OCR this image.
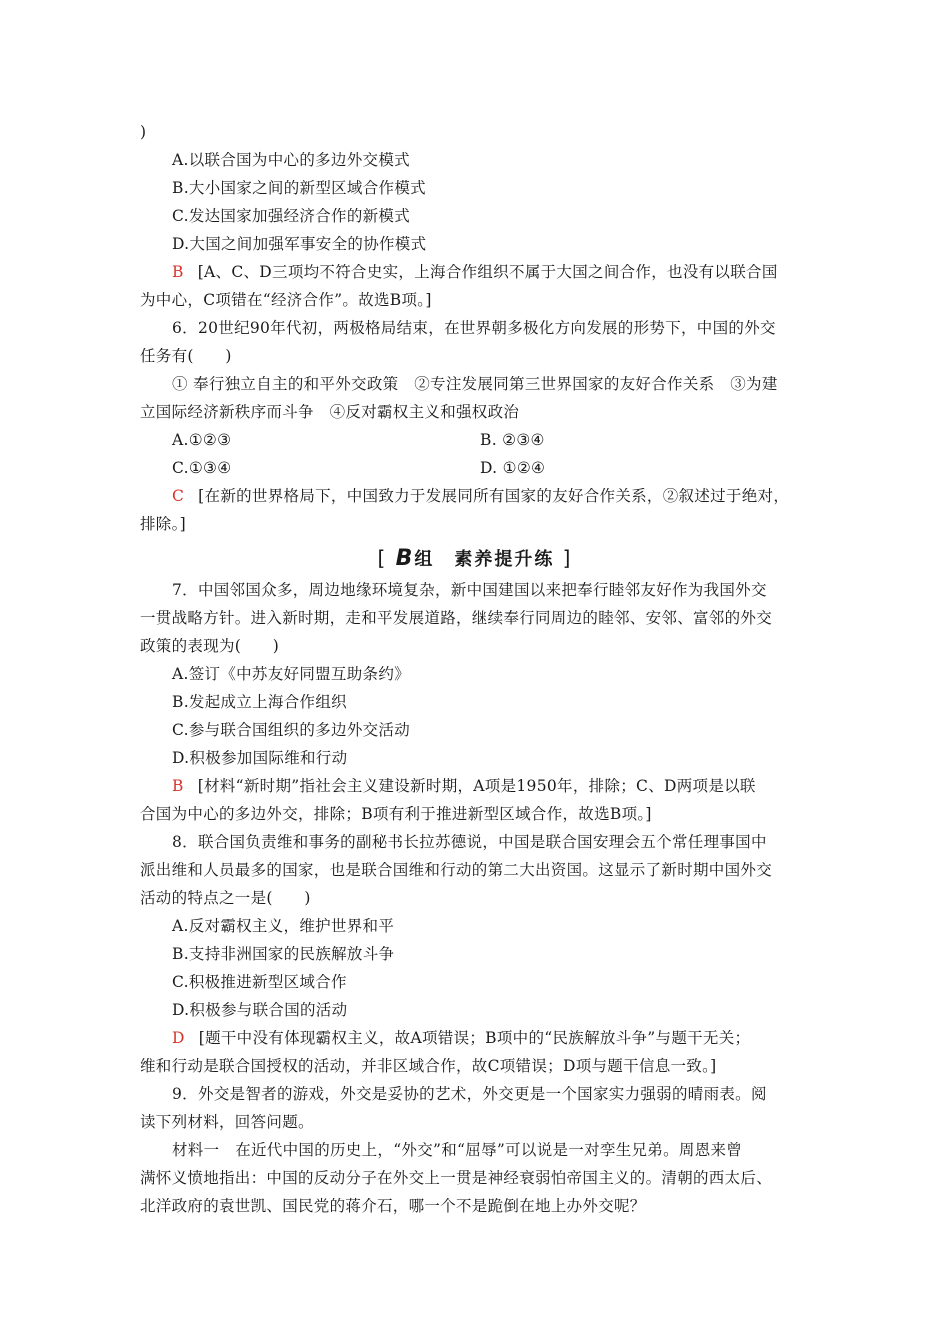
)
A.以联合国为中心的多边外交模式
B.大小国家之间的新型区域合作模式
C.发达国家加强经济合作的新模式
D.大国之间加强军事安全的协作模式
B [A、C、D三项均不符合史实，上海合作组织不属于大国之间合作，也没有以联合国
为中心，C项错在“经济合作”。故选B项。]
6．20世纪90年代初，两极格局结束，在世界朝多极化方向发展的形势下，中国的外交
任务有(　　)
① 奉行独立自主的和平外交政策　②专注发展同第三世界国家的友好合作关系　③为建
立国际经济新秩序而斗争　④反对霸权主义和强权政治
A.①②③	B. ②③④
C.①③④	D. ①②④
C [在新的世界格局下，中国致力于发展同所有国家的友好合作关系，②叙述过于绝对，
排除。]
[ B组　素养提升练 ]
7．中国邻国众多，周边地缘环境复杂，新中国建国以来把奉行睦邻友好作为我国外交
一贯战略方针。进入新时期，走和平发展道路，继续奉行同周边的睦邻、安邻、富邻的外交
政策的表现为(　　)
A.签订《中苏友好同盟互助条约》
B.发起成立上海合作组织
C.参与联合国组织的多边外交活动
D.积极参加国际维和行动
B [材料“新时期”指社会主义建设新时期，A项是1950年，排除；C、D两项是以联
合国为中心的多边外交，排除；B项有利于推进新型区域合作，故选B项。]
8．联合国负责维和事务的副秘书长拉苏德说，中国是联合国安理会五个常任理事国中
派出维和人员最多的国家，也是联合国维和行动的第二大出资国。这显示了新时期中国外交
活动的特点之一是(　　)
A.反对霸权主义，维护世界和平
B.支持非洲国家的民族解放斗争
C.积极推进新型区域合作
D.积极参与联合国的活动
D [题干中没有体现霸权主义，故A项错误；B项中的“民族解放斗争”与题干无关；
维和行动是联合国授权的活动，并非区域合作，故C项错误；D项与题干信息一致。]
9．外交是智者的游戏，外交是妥协的艺术，外交更是一个国家实力强弱的晴雨表。阅
读下列材料，回答问题。
材料一　在近代中国的历史上，“外交”和“屈辱”可以说是一对孪生兄弟。周恩来曾
满怀义愤地指出：中国的反动分子在外交上一贯是神经衰弱怕帝国主义的。清朝的西太后、
北洋政府的袁世凯、国民党的蒋介石，哪一个不是跪倒在地上办外交呢？
